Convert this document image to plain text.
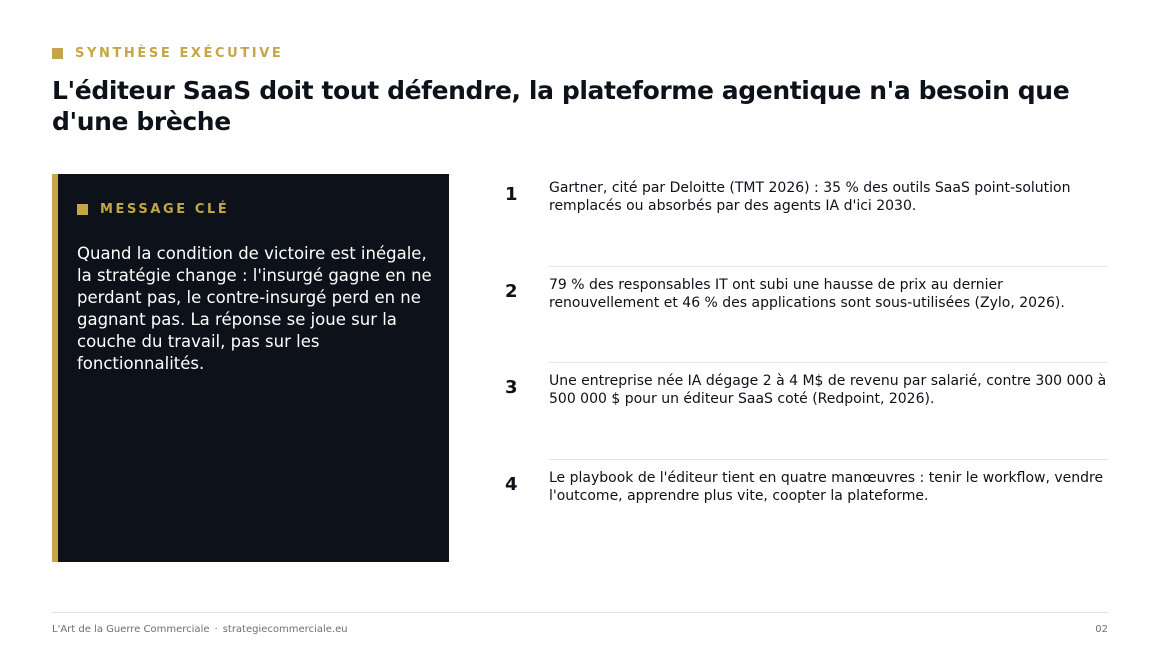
SYNTHÈSE EXÉCUTIVE
L'éditeur SaaS doit tout défendre, la plateforme agentique n'a besoin que d'une brèche
MESSAGE CLÉ

Quand la condition de victoire est inégale, la stratégie change : l'insurgé gagne en ne perdant pas, le contre-insurgé perd en ne gagnant pas. La réponse se joue sur la couche du travail, pas sur les fonctionnalités.

1 Gartner, cité par Deloitte (TMT 2026) : 35 % des outils SaaS point-solution remplacés ou absorbés par des agents IA d'ici 2030.

2 79 % des responsables IT ont subi une hausse de prix au dernier renouvellement et 46 % des applications sont sous-utilisées (Zylo, 2026).

3 Une entreprise née IA dégage 2 à 4 M$ de revenu par salarié, contre 300 000 à 500 000 $ pour un éditeur SaaS coté (Redpoint, 2026).

4 Le playbook de l'éditeur tient en quatre manœuvres : tenir le workflow, vendre l'outcome, apprendre plus vite, coopter la plateforme.

L'Art de la Guerre Commerciale · strategiecommerciale.eu	02
